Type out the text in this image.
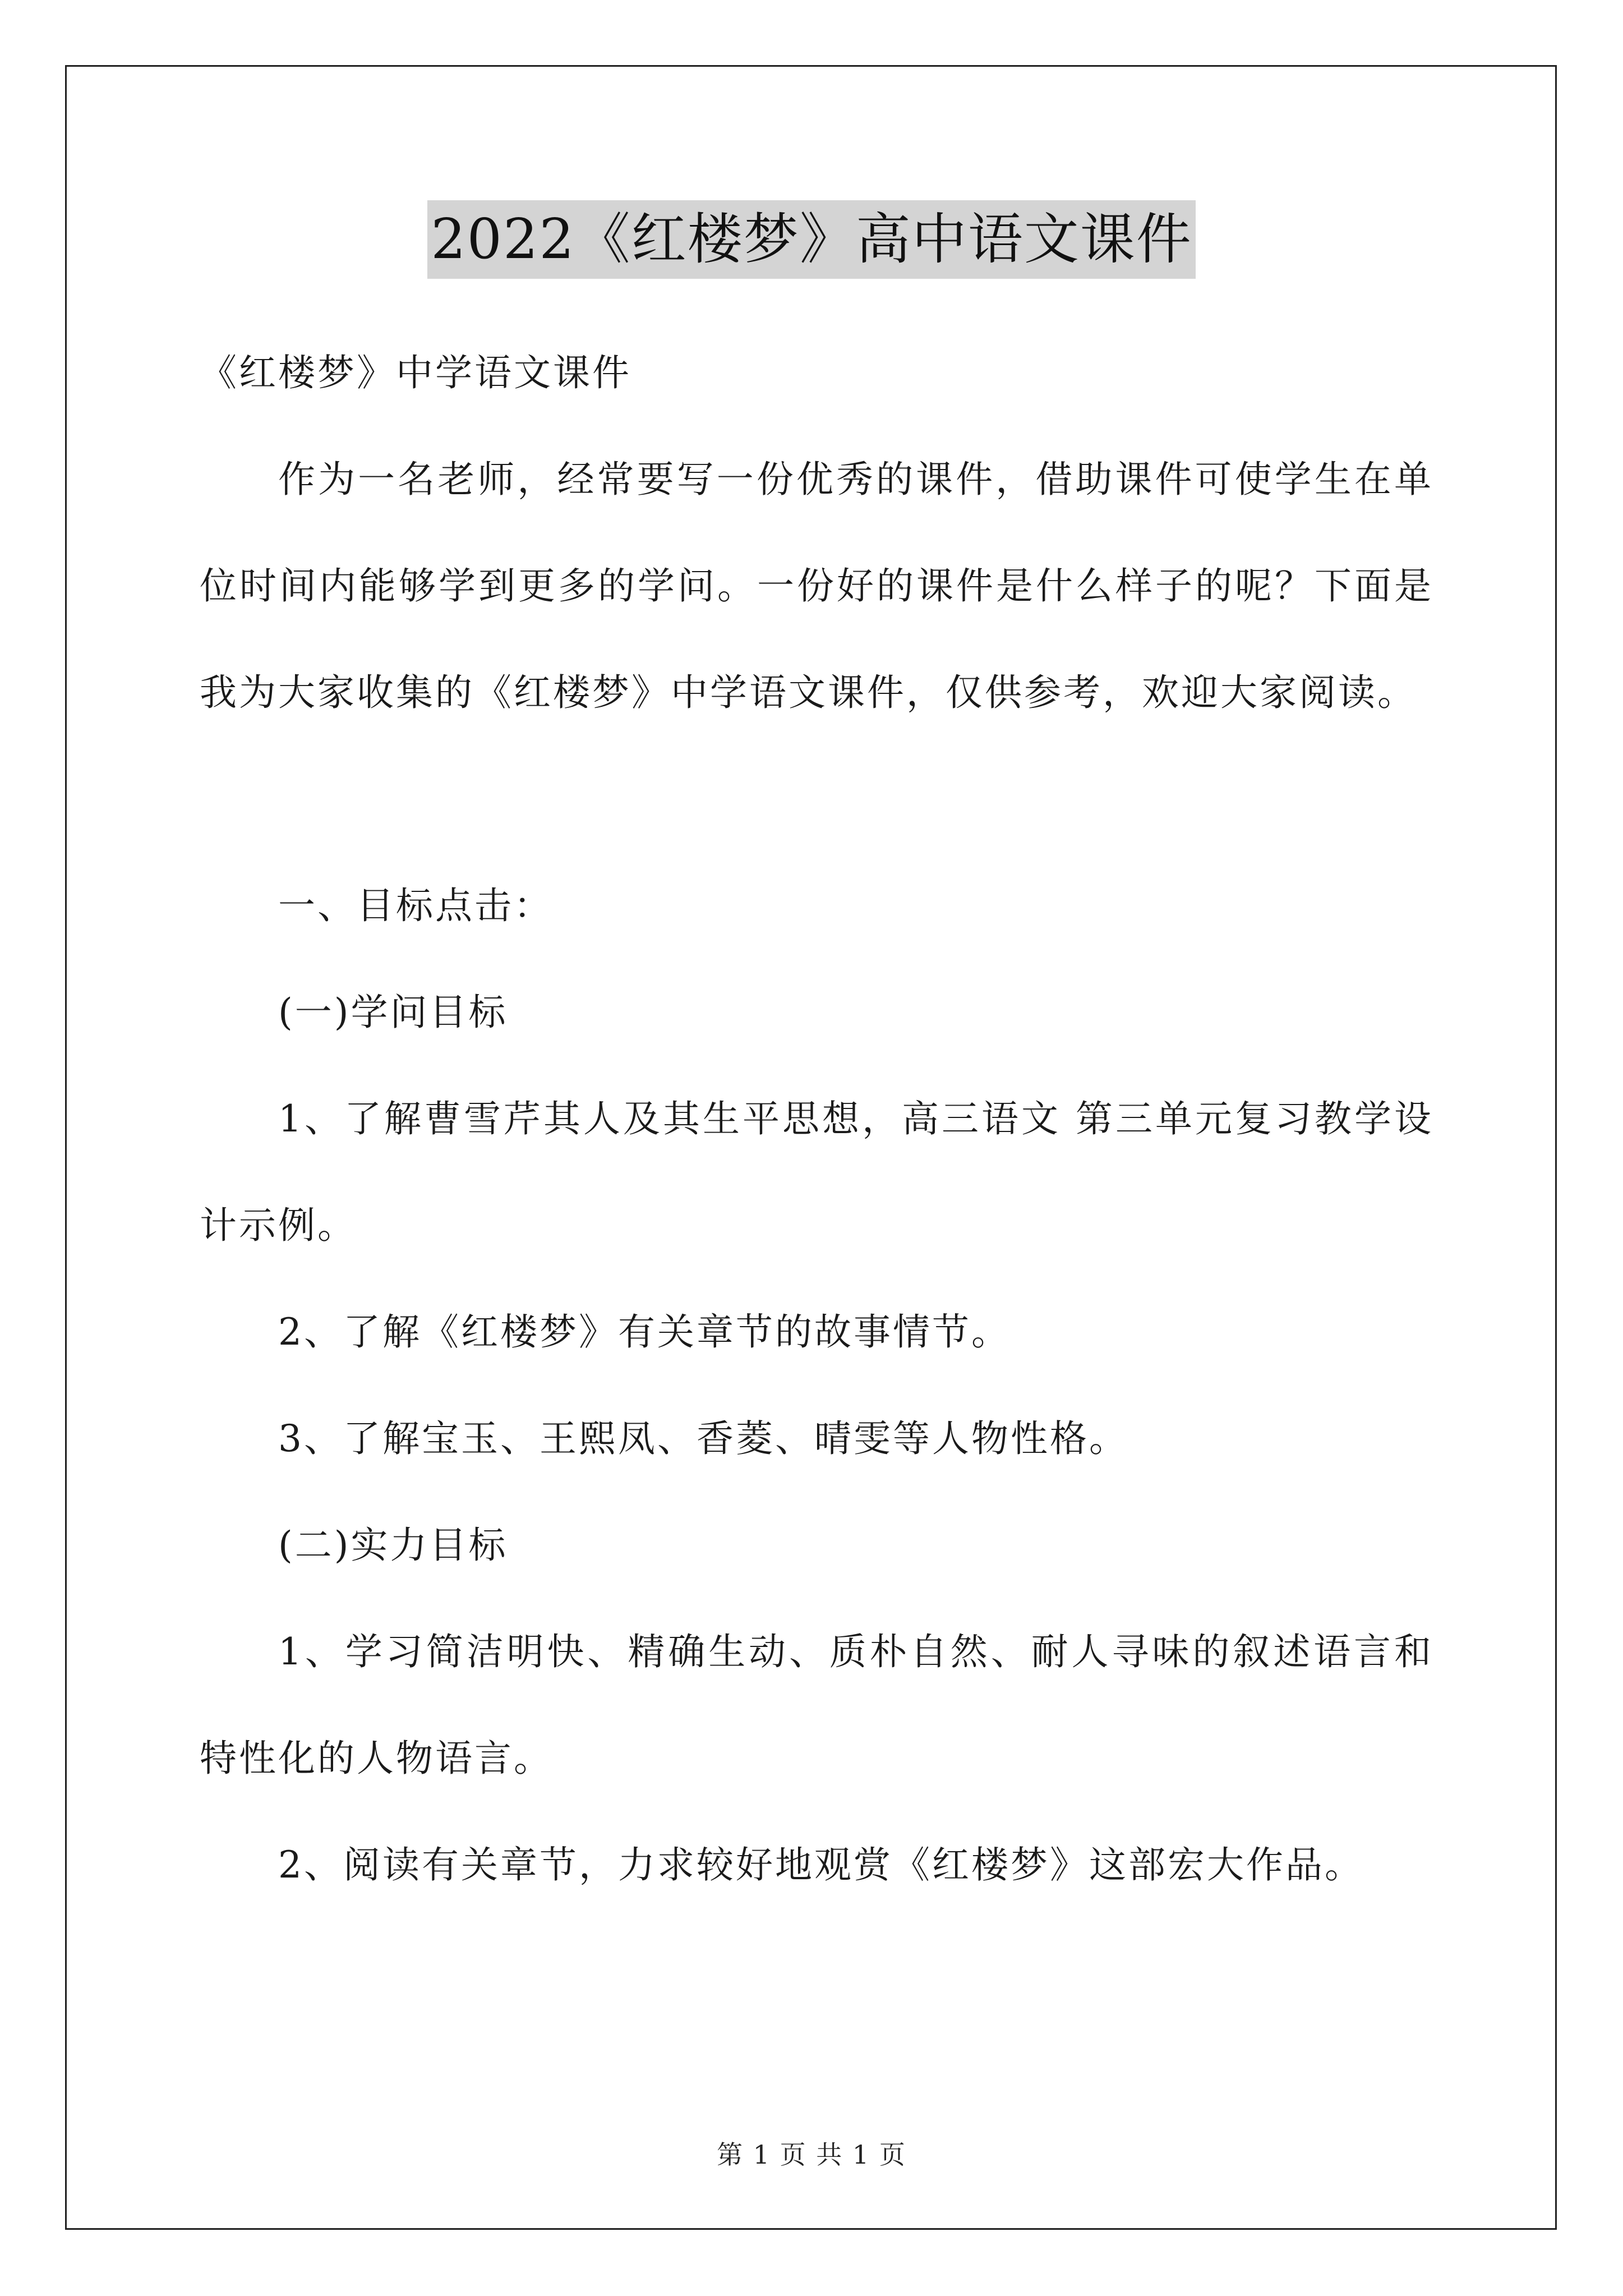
2022《红楼梦》高中语文课件

《红楼梦》中学语文课件

作为一名老师，经常要写一份优秀的课件，借助课件可使学生在单位时间内能够学到更多的学问。一份好的课件是什么样子的呢？下面是我为大家收集的《红楼梦》中学语文课件，仅供参考，欢迎大家阅读。

一、目标点击：

(一)学问目标

1、了解曹雪芹其人及其生平思想，高三语文 第三单元复习教学设计示例。

2、了解《红楼梦》有关章节的故事情节。

3、了解宝玉、王熙凤、香菱、晴雯等人物性格。

(二)实力目标

1、学习简洁明快、精确生动、质朴自然、耐人寻味的叙述语言和特性化的人物语言。

2、阅读有关章节，力求较好地观赏《红楼梦》这部宏大作品。

第 1 页 共 1 页
